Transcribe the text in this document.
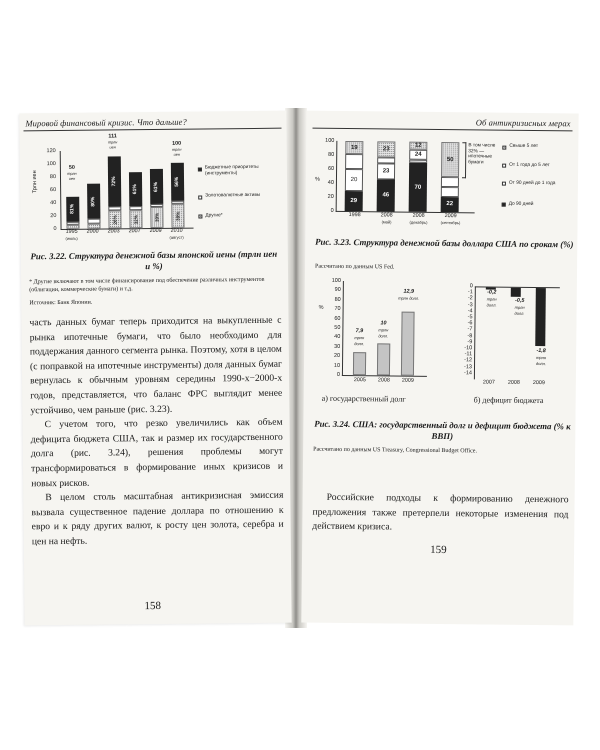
Мировой финансовый кризис. Что дальше?
Трлн иен
120
100
80
60
40
20
0
81%
80%
26%
72%
32%
61%
39%
61%
39%
56%
50
трлн иен
111
трлн иен
100
трлн иен
1995
(июль)
2000	2003	2007	2009	2010
(август)
Бюджетные приоритеты (инструменты)
Золотовалютные активы
Другие*
Рис. 3.22. Структура денежной базы японской иены (трлн иен и %)
* Другие включают в том числе финансирование под обеспечение различных инструментов (облигации, коммерческие бумаги) и т.д.
Источник: Банк Японии.

часть данных бумаг теперь приходится на выкупленные с рынка ипотечные бумаги, что было необходимо для поддержания данного сегмента рынка. Поэтому, хотя в целом (с поправкой на ипотечные инструменты) доля данных бумаг вернулась к обычным уровням середины 1990-х−2000-х годов, представляется, что баланс ФРС выглядит менее устойчиво, чем раньше (рис. 3.23).

С учетом того, что резко увеличились как объем дефицита бюджета США, так и размер их государственного долга (рис. 3.24), решения проблемы могут трансформироваться в формирование иных кризисов и новых рисков.

В целом столь масштабная антикризисная эмиссия вызвала существенное падение доллара по отношению к евро и к ряду других валют, к росту цен золота, серебра и цен на нефть.

158
Об антикризисных мерах
%
100
80
60
40
20
0
29
20
19
46
23
23
70
24
12
22
50
1998	2008
(май)
2008
(декабрь)
2009
(сентябрь)
В том числе 32% — ипотечные бумаги
Свыше 5 лет
От 1 года до 5 лет
От 90 дней до 1 года
До 90 дней
Рис. 3.23. Структура денежной базы доллара США по срокам (%)
Рассчитано по данным US Fed.
%
100
90
80
70
60
50
40
30
20
10
0
7,9
трлн долл.
10
трлн долл.
12,9
трлн долл.
2005	2008	2009
а) государственный долг
0
-1
-2
-3
-4
-5
-6
-7
-8
-9
-10
-11
-12
-13
-14
-0,2
трлн долл.
-0,5
трлн долл.
-1,8
трлн долл.
2007	2008	2009
б) дефицит бюджета
Рис. 3.24. США: государственный долг и дефицит бюджета (% к ВВП)
Рассчитано по данным US Treasury, Congressional Budget Office.

Российские подходы к формированию денежного предложения также претерпели некоторые изменения под действием кризиса.

159
